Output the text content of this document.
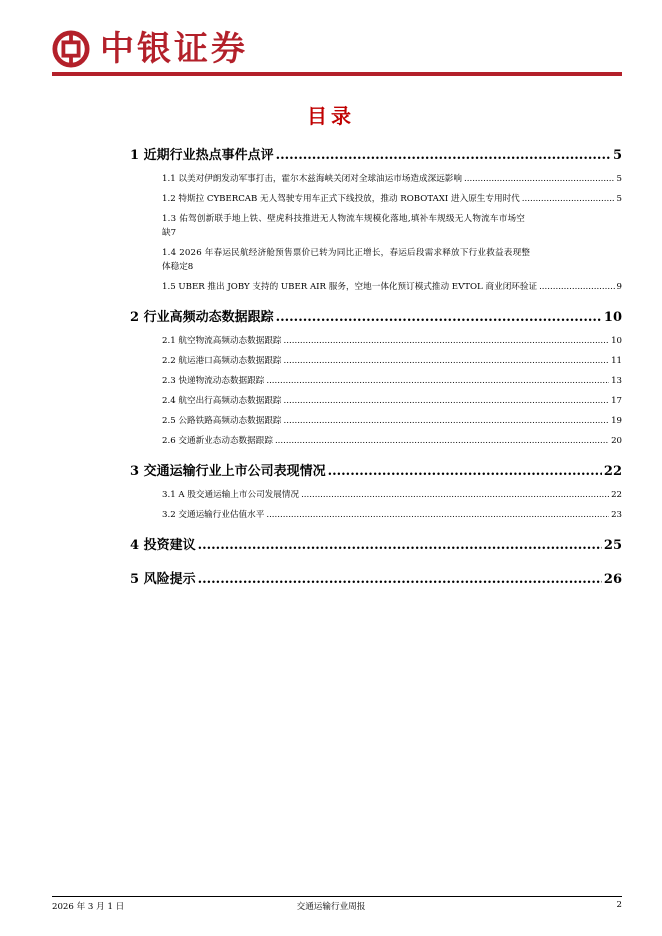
中银证券
目录
1 近期行业热点事件点评 .....	5
1.1 以美对伊朗发动军事打击，霍尔木兹海峡关闭对全球油运市场造成深远影响 .....	5
1.2 特斯拉 CYBERCAB 无人驾驶专用车正式下线投放，推动 ROBOTAXI 进入原生专用时代 .....	5
1.3 佑驾创新联手地上铁、壁虎科技推进无人物流车规模化落地,填补车规级无人物流车市场空
缺 7
1.4 2026 年春运民航经济舱预售票价已转为同比正增长，春运后段需求释放下行业救益表现整
体稳定 8
1.5 UBER 推出 JOBY 支持的 UBER AIR 服务，空地一体化预订模式推动 EVTOL 商业闭环验证 .....	9
2 行业高频动态数据跟踪 .....	10
2.1 航空物流高频动态数据跟踪 .....	10
2.2 航运港口高频动态数据跟踪 .....	11
2.3 快递物流动态数据跟踪 .....	13
2.4 航空出行高频动态数据跟踪 .....	17
2.5 公路铁路高频动态数据跟踪 .....	19
2.6 交通新业态动态数据跟踪 .....	20
3 交通运输行业上市公司表现情况 .....	22
3.1 A 股交通运输上市公司发展情况 .....	22
3.2 交通运输行业估值水平 .....	23
4 投资建议 .....	25
5 风险提示 .....	26
2026 年 3 月 1 日	交通运输行业周报	2
